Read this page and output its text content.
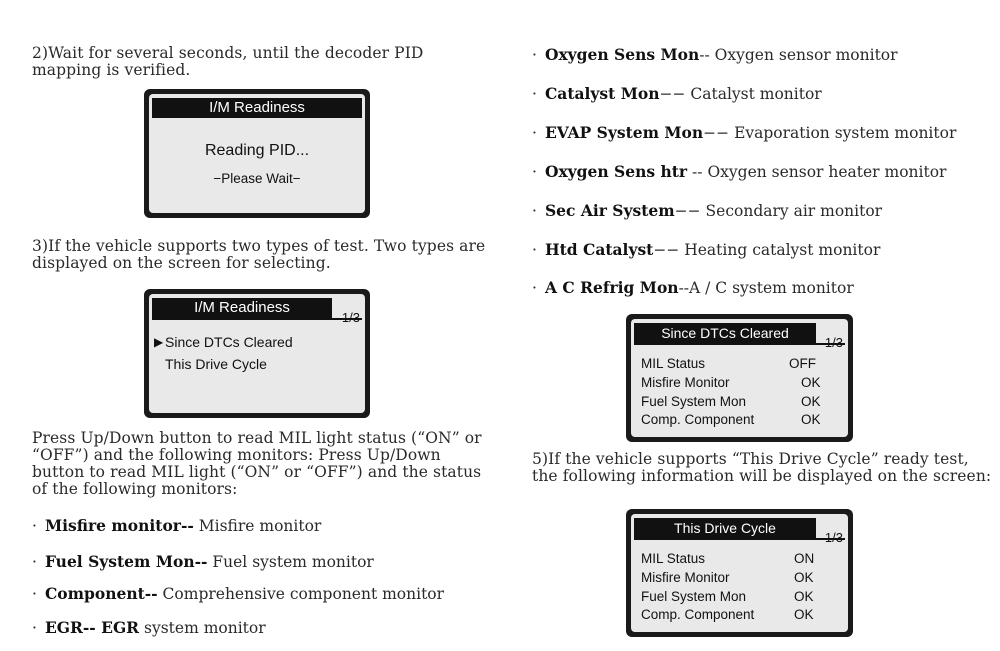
2)Wait for several seconds, until the decoder PID mapping is verified.
I/M Readiness
Reading PID...
−Please Wait−
3)If the vehicle supports two types of test. Two types are displayed on the screen for selecting.
I/M Readiness
1/3
▶ Since DTCs Cleared
This Drive Cycle
Press Up/Down button to read MIL light status (“ON” or “OFF”) and the following monitors: Press Up/Down button to read MIL light (“ON” or “OFF”) and the status of the following monitors:
· Misfire monitor-- Misfire monitor
· Fuel System Mon-- Fuel system monitor
· Component-- Comprehensive component monitor
· EGR-- EGR system monitor
· Oxygen Sens Mon-- Oxygen sensor monitor
· Catalyst Mon−− Catalyst monitor
· EVAP System Mon−− Evaporation system monitor
· Oxygen Sens htr -- Oxygen sensor heater monitor
· Sec Air System−− Secondary air monitor
· Htd Catalyst−− Heating catalyst monitor
· A C Refrig Mon--A / C system monitor
Since DTCs Cleared
1/3
MIL Status	OFF
Misfire Monitor	OK
Fuel System Mon	OK
Comp. Component	OK
5)If the vehicle supports “This Drive Cycle” ready test, the following information will be displayed on the screen:
This Drive Cycle
1/3
MIL Status	ON
Misfire Monitor	OK
Fuel System Mon	OK
Comp. Component	OK
